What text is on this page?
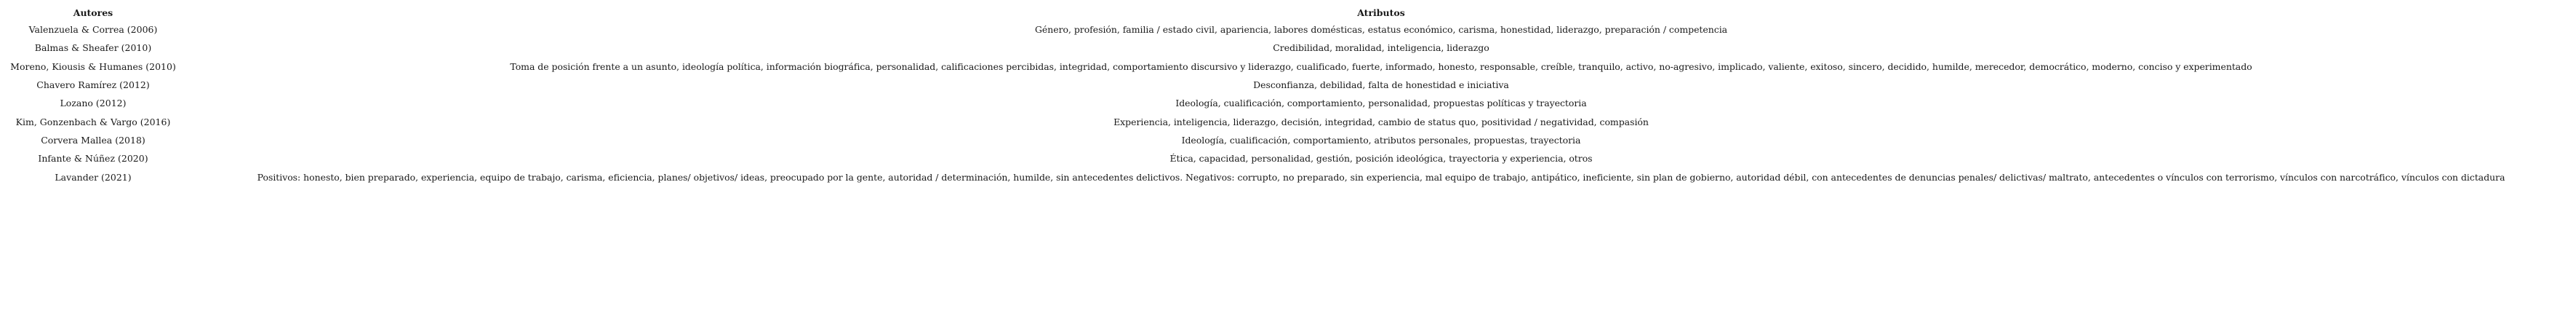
Autores	Atributos
Valenzuela & Correa (2006)	Género, profesión, familia / estado civil, apariencia, labores domésticas, estatus económico, carisma, honestidad, liderazgo, preparación / competencia
Balmas & Sheafer (2010)	Credibilidad, moralidad, inteligencia, liderazgo
Moreno, Kiousis & Humanes (2010)	Toma de posición frente a un asunto, ideología política, información biográfica, personalidad, calificaciones percibidas, integridad, comportamiento discursivo y liderazgo, cualificado, fuerte, informado, honesto, responsable, creíble, tranquilo, activo, no-agresivo, implicado, valiente, exitoso, sincero, decidido, humilde, merecedor, democrático, moderno, conciso y experimentado
Chavero Ramírez (2012)	Desconfianza, debilidad, falta de honestidad e iniciativa
Lozano (2012)	Ideología, cualificación, comportamiento, personalidad, propuestas políticas y trayectoria
Kim, Gonzenbach & Vargo (2016)	Experiencia, inteligencia, liderazgo, decisión, integridad, cambio de status quo, positividad / negatividad, compasión
Corvera Mallea (2018)	Ideología, cualificación, comportamiento, atributos personales, propuestas, trayectoria
Infante & Núñez (2020)	Ética, capacidad, personalidad, gestión, posición ideológica, trayectoria y experiencia, otros
Lavander (2021)	Positivos: honesto, bien preparado, experiencia, equipo de trabajo, carisma, eficiencia, planes/ objetivos/ ideas, preocupado por la gente, autoridad / determinación, humilde, sin antecedentes delictivos. Negativos: corrupto, no preparado, sin experiencia, mal equipo de trabajo, antipático, ineficiente, sin plan de gobierno, autoridad débil, con antecedentes de denuncias penales/ delictivas/ maltrato, antecedentes o vínculos con terrorismo, vínculos con narcotráfico, vínculos con dictadura
